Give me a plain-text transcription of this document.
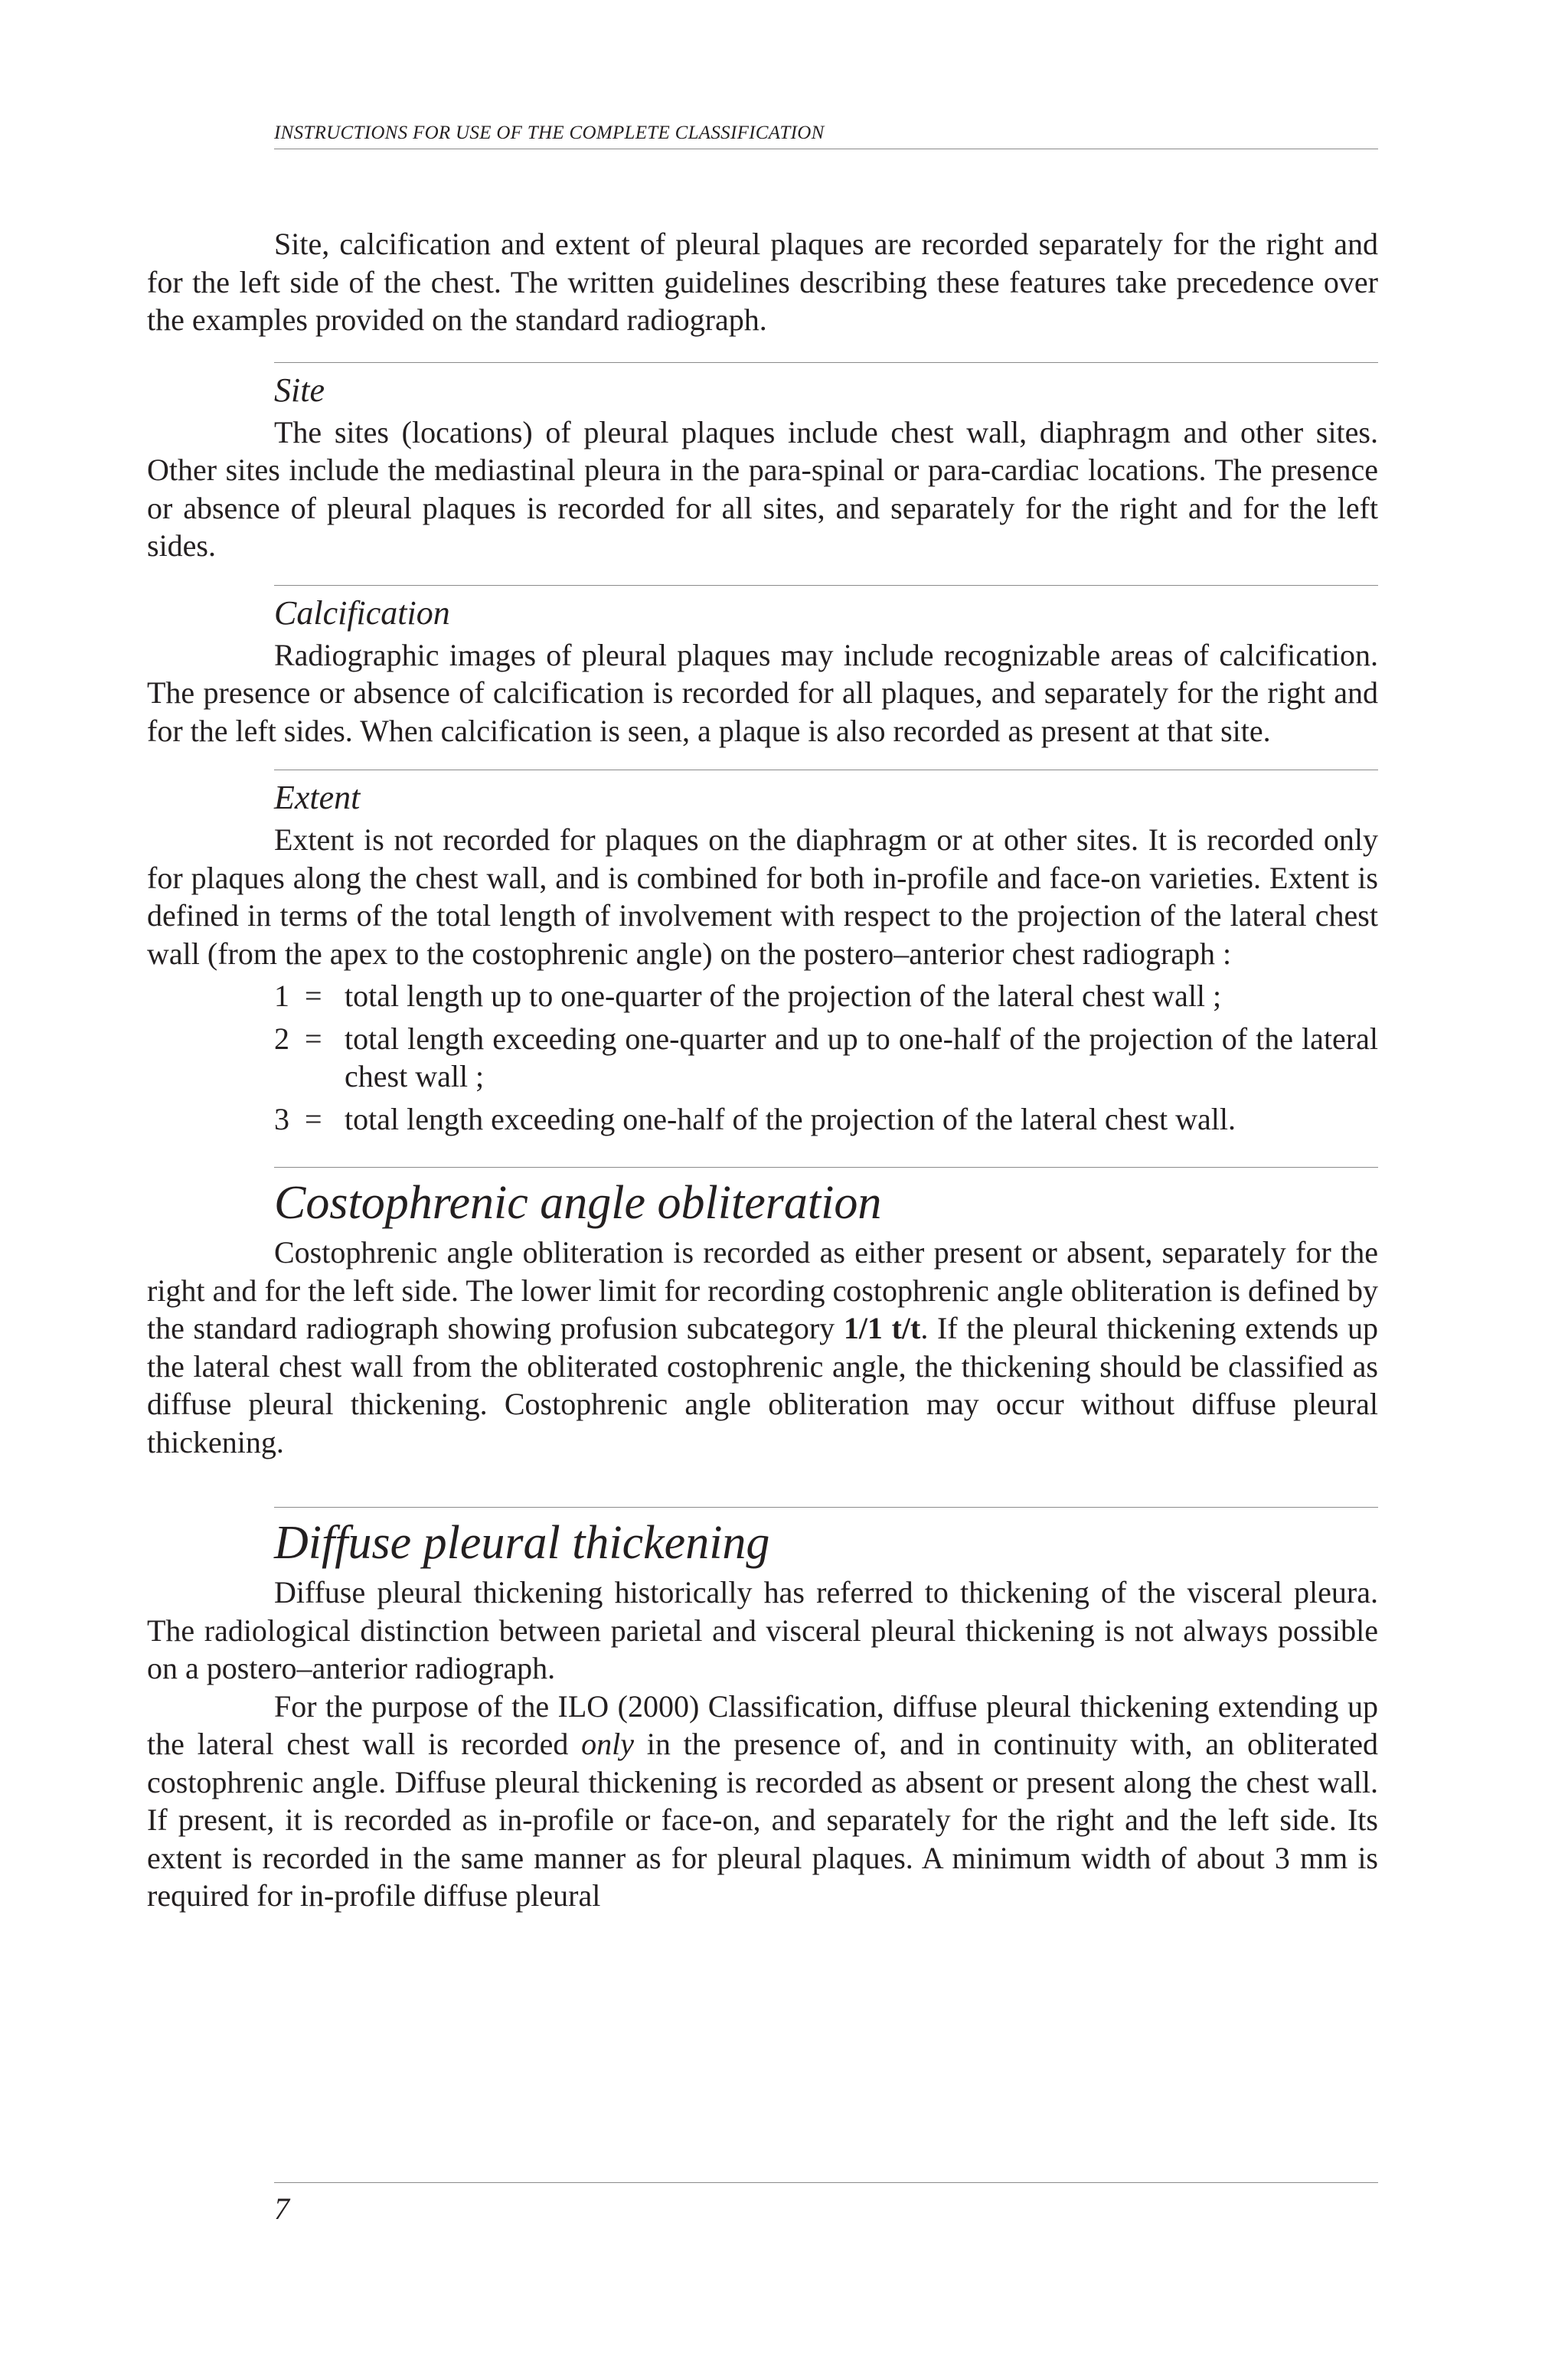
INSTRUCTIONS FOR USE OF THE COMPLETE CLASSIFICATION

Site, calcification and extent of pleural plaques are recorded separately for the right and for the left side of the chest. The written guidelines describing these features take precedence over the examples provided on the standard radiograph.

Site

The sites (locations) of pleural plaques include chest wall, diaphragm and other sites. Other sites include the mediastinal pleura in the para-spinal or para-cardiac locations. The presence or absence of pleural plaques is recorded for all sites, and separately for the right and for the left sides.

Calcification

Radiographic images of pleural plaques may include recognizable areas of calcification. The presence or absence of calcification is recorded for all plaques, and separately for the right and for the left sides. When calcification is seen, a plaque is also recorded as present at that site.

Extent

Extent is not recorded for plaques on the diaphragm or at other sites. It is recorded only for plaques along the chest wall, and is combined for both in-profile and face-on varieties. Extent is defined in terms of the total length of involvement with respect to the projection of the lateral chest wall (from the apex to the costophrenic angle) on the postero–anterior chest radiograph :

1  = total length up to one-quarter of the projection of the lateral chest wall ;
2  = total length exceeding one-quarter and up to one-half of the projection of the lateral chest wall ;
3  = total length exceeding one-half of the projection of the lateral chest wall.
Costophrenic angle obliteration

Costophrenic angle obliteration is recorded as either present or absent, separately for the right and for the left side. The lower limit for recording costophrenic angle obliteration is defined by the standard radiograph showing profusion subcategory 1/1 t/t. If the pleural thickening extends up the lateral chest wall from the obliterated costophrenic angle, the thickening should be classified as diffuse pleural thickening. Costophrenic angle obliteration may occur without diffuse pleural thickening.

Diffuse pleural thickening

Diffuse pleural thickening historically has referred to thickening of the visceral pleura. The radiological distinction between parietal and visceral pleural thickening is not always possible on a postero–anterior radiograph.

For the purpose of the ILO (2000) Classification, diffuse pleural thickening extending up the lateral chest wall is recorded only in the presence of, and in continuity with, an obliterated costophrenic angle. Diffuse pleural thickening is recorded as absent or present along the chest wall. If present, it is recorded as in-profile or face-on, and separately for the right and the left side. Its extent is recorded in the same manner as for pleural plaques. A minimum width of about 3 mm is required for in-profile diffuse pleural

7
